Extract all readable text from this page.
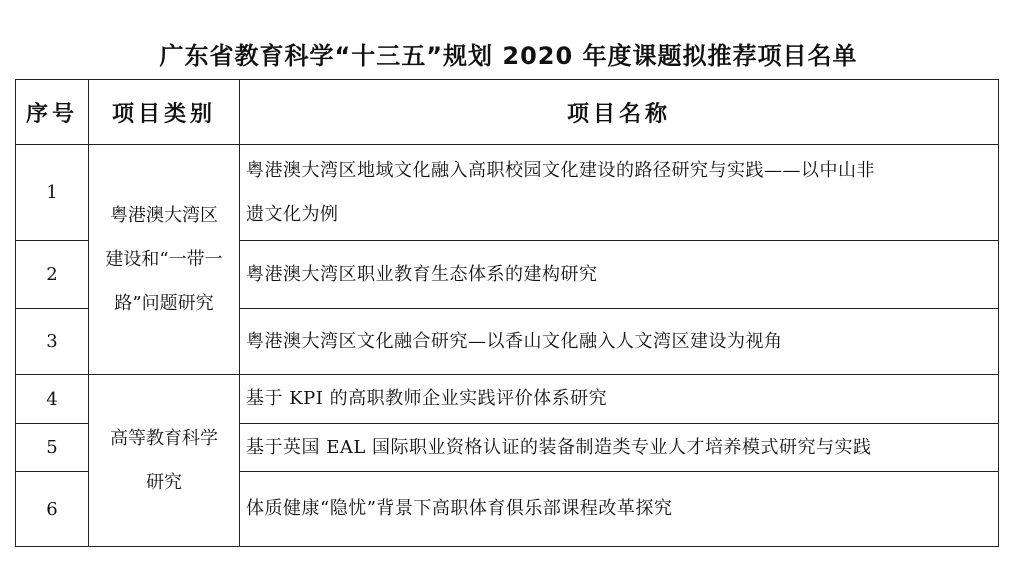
广东省教育科学“十三五”规划 2020 年度课题拟推荐项目名单
序号	项目类别	项目名称
1	粤港澳大湾区
建设和“一带一
路”问题研究	粤港澳大湾区地域文化融入高职校园文化建设的路径研究与实践——以中山非
遗文化为例

2		粤港澳大湾区职业教育生态体系的建构研究

3		粤港澳大湾区文化融合研究—以香山文化融入人文湾区建设为视角

4	高等教育科学
研究	基于 KPI 的高职教师企业实践评价体系研究

5		基于英国 EAL 国际职业资格认证的装备制造类专业人才培养模式研究与实践

6		体质健康“隐忧”背景下高职体育俱乐部课程改革探究
